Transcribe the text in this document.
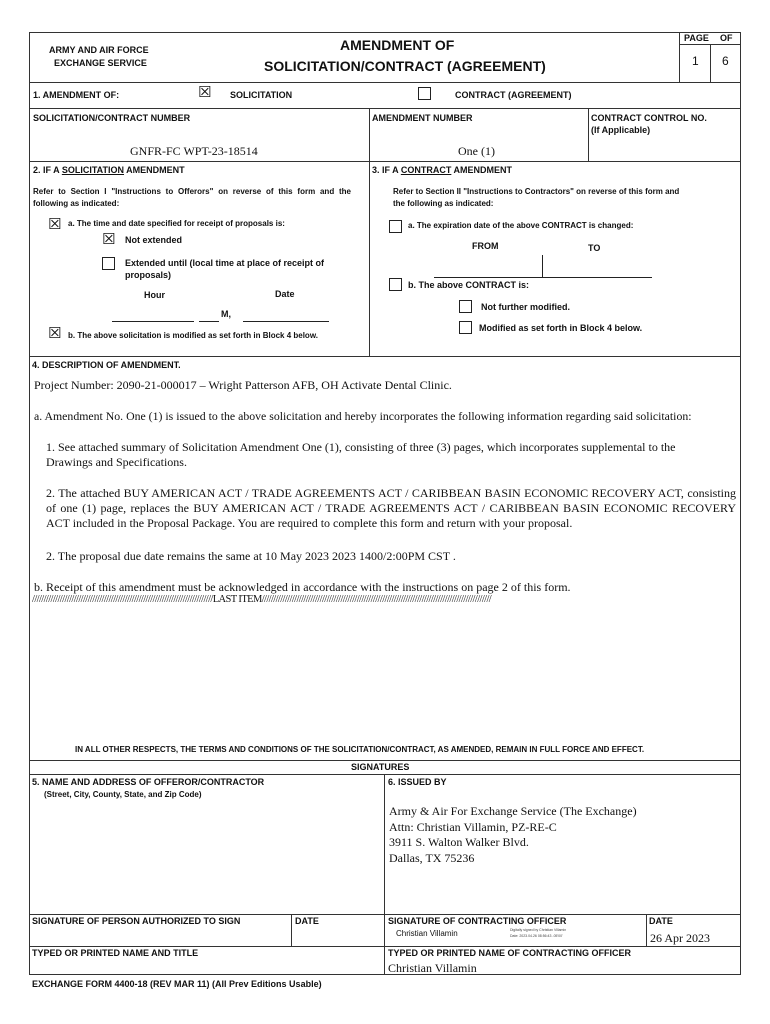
ARMY AND AIR FORCE
EXCHANGE SERVICE
AMENDMENT OF
SOLICITATION/CONTRACT (AGREEMENT)
PAGE OF
1 6
1. AMENDMENT OF:	☒ SOLICITATION	CONTRACT (AGREEMENT)
SOLICITATION/CONTRACT NUMBER
GNFR-FC WPT-23-18514
AMENDMENT NUMBER
One (1)
CONTRACT CONTROL NO.
(If Applicable)
2. IF A SOLICITATION AMENDMENT
Refer to Section I "Instructions to Offerors" on reverse of this form and the following as indicated:
☒ a. The time and date specified for receipt of proposals is:
☒ Not extended
Extended until (local time at place of receipt of proposals)
Hour	Date
M,
☒ b. The above solicitation is modified as set forth in Block 4 below.
3. IF A CONTRACT AMENDMENT
Refer to Section II "Instructions to Contractors" on reverse of this form and the following as indicated:
a. The expiration date of the above CONTRACT is changed:
FROM	TO
b. The above CONTRACT is:
Not further modified.
Modified as set forth in Block 4 below.
4. DESCRIPTION OF AMENDMENT.
Project Number: 2090-21-000017 – Wright Patterson AFB, OH Activate Dental Clinic.
a. Amendment No. One (1) is issued to the above solicitation and hereby incorporates the following information regarding said solicitation:
1. See attached summary of Solicitation Amendment One (1), consisting of three (3) pages, which incorporates supplemental to the Drawings and Specifications.
2. The attached BUY AMERICAN ACT / TRADE AGREEMENTS ACT / CARIBBEAN BASIN ECONOMIC RECOVERY ACT, consisting of one (1) page, replaces the BUY AMERICAN ACT / TRADE AGREEMENTS ACT / CARIBBEAN BASIN ECONOMIC RECOVERY ACT included in the Proposal Package. You are required to complete this form and return with your proposal.
2. The proposal due date remains the same at 10 May 2023 2023 1400/2:00PM CST .
b. Receipt of this amendment must be acknowledged in accordance with the instructions on page 2 of this form.
//////////////////////////////////////////////////////////////////////////////LAST ITEM///////////////////////////////////////////////////////////////////////////////////////////////////
IN ALL OTHER RESPECTS, THE TERMS AND CONDITIONS OF THE SOLICITATION/CONTRACT, AS AMENDED, REMAIN IN FULL FORCE AND EFFECT.
SIGNATURES
5. NAME AND ADDRESS OF OFFEROR/CONTRACTOR
(Street, City, County, State, and Zip Code)
6. ISSUED BY
Army & Air For Exchange Service (The Exchange)
Attn: Christian Villamin, PZ-RE-C
3911 S. Walton Walker Blvd.
Dallas, TX 75236
SIGNATURE OF PERSON AUTHORIZED TO SIGN	DATE	SIGNATURE OF CONTRACTING OFFICER
Christian Villamin	Digitally signed by Christian Villamin
Date: 2023.04.26 08:56:43 -05'00'
DATE
26 Apr 2023
TYPED OR PRINTED NAME AND TITLE	TYPED OR PRINTED NAME OF CONTRACTING OFFICER
Christian Villamin
EXCHANGE FORM 4400-18 (REV MAR 11) (All Prev Editions Usable)
